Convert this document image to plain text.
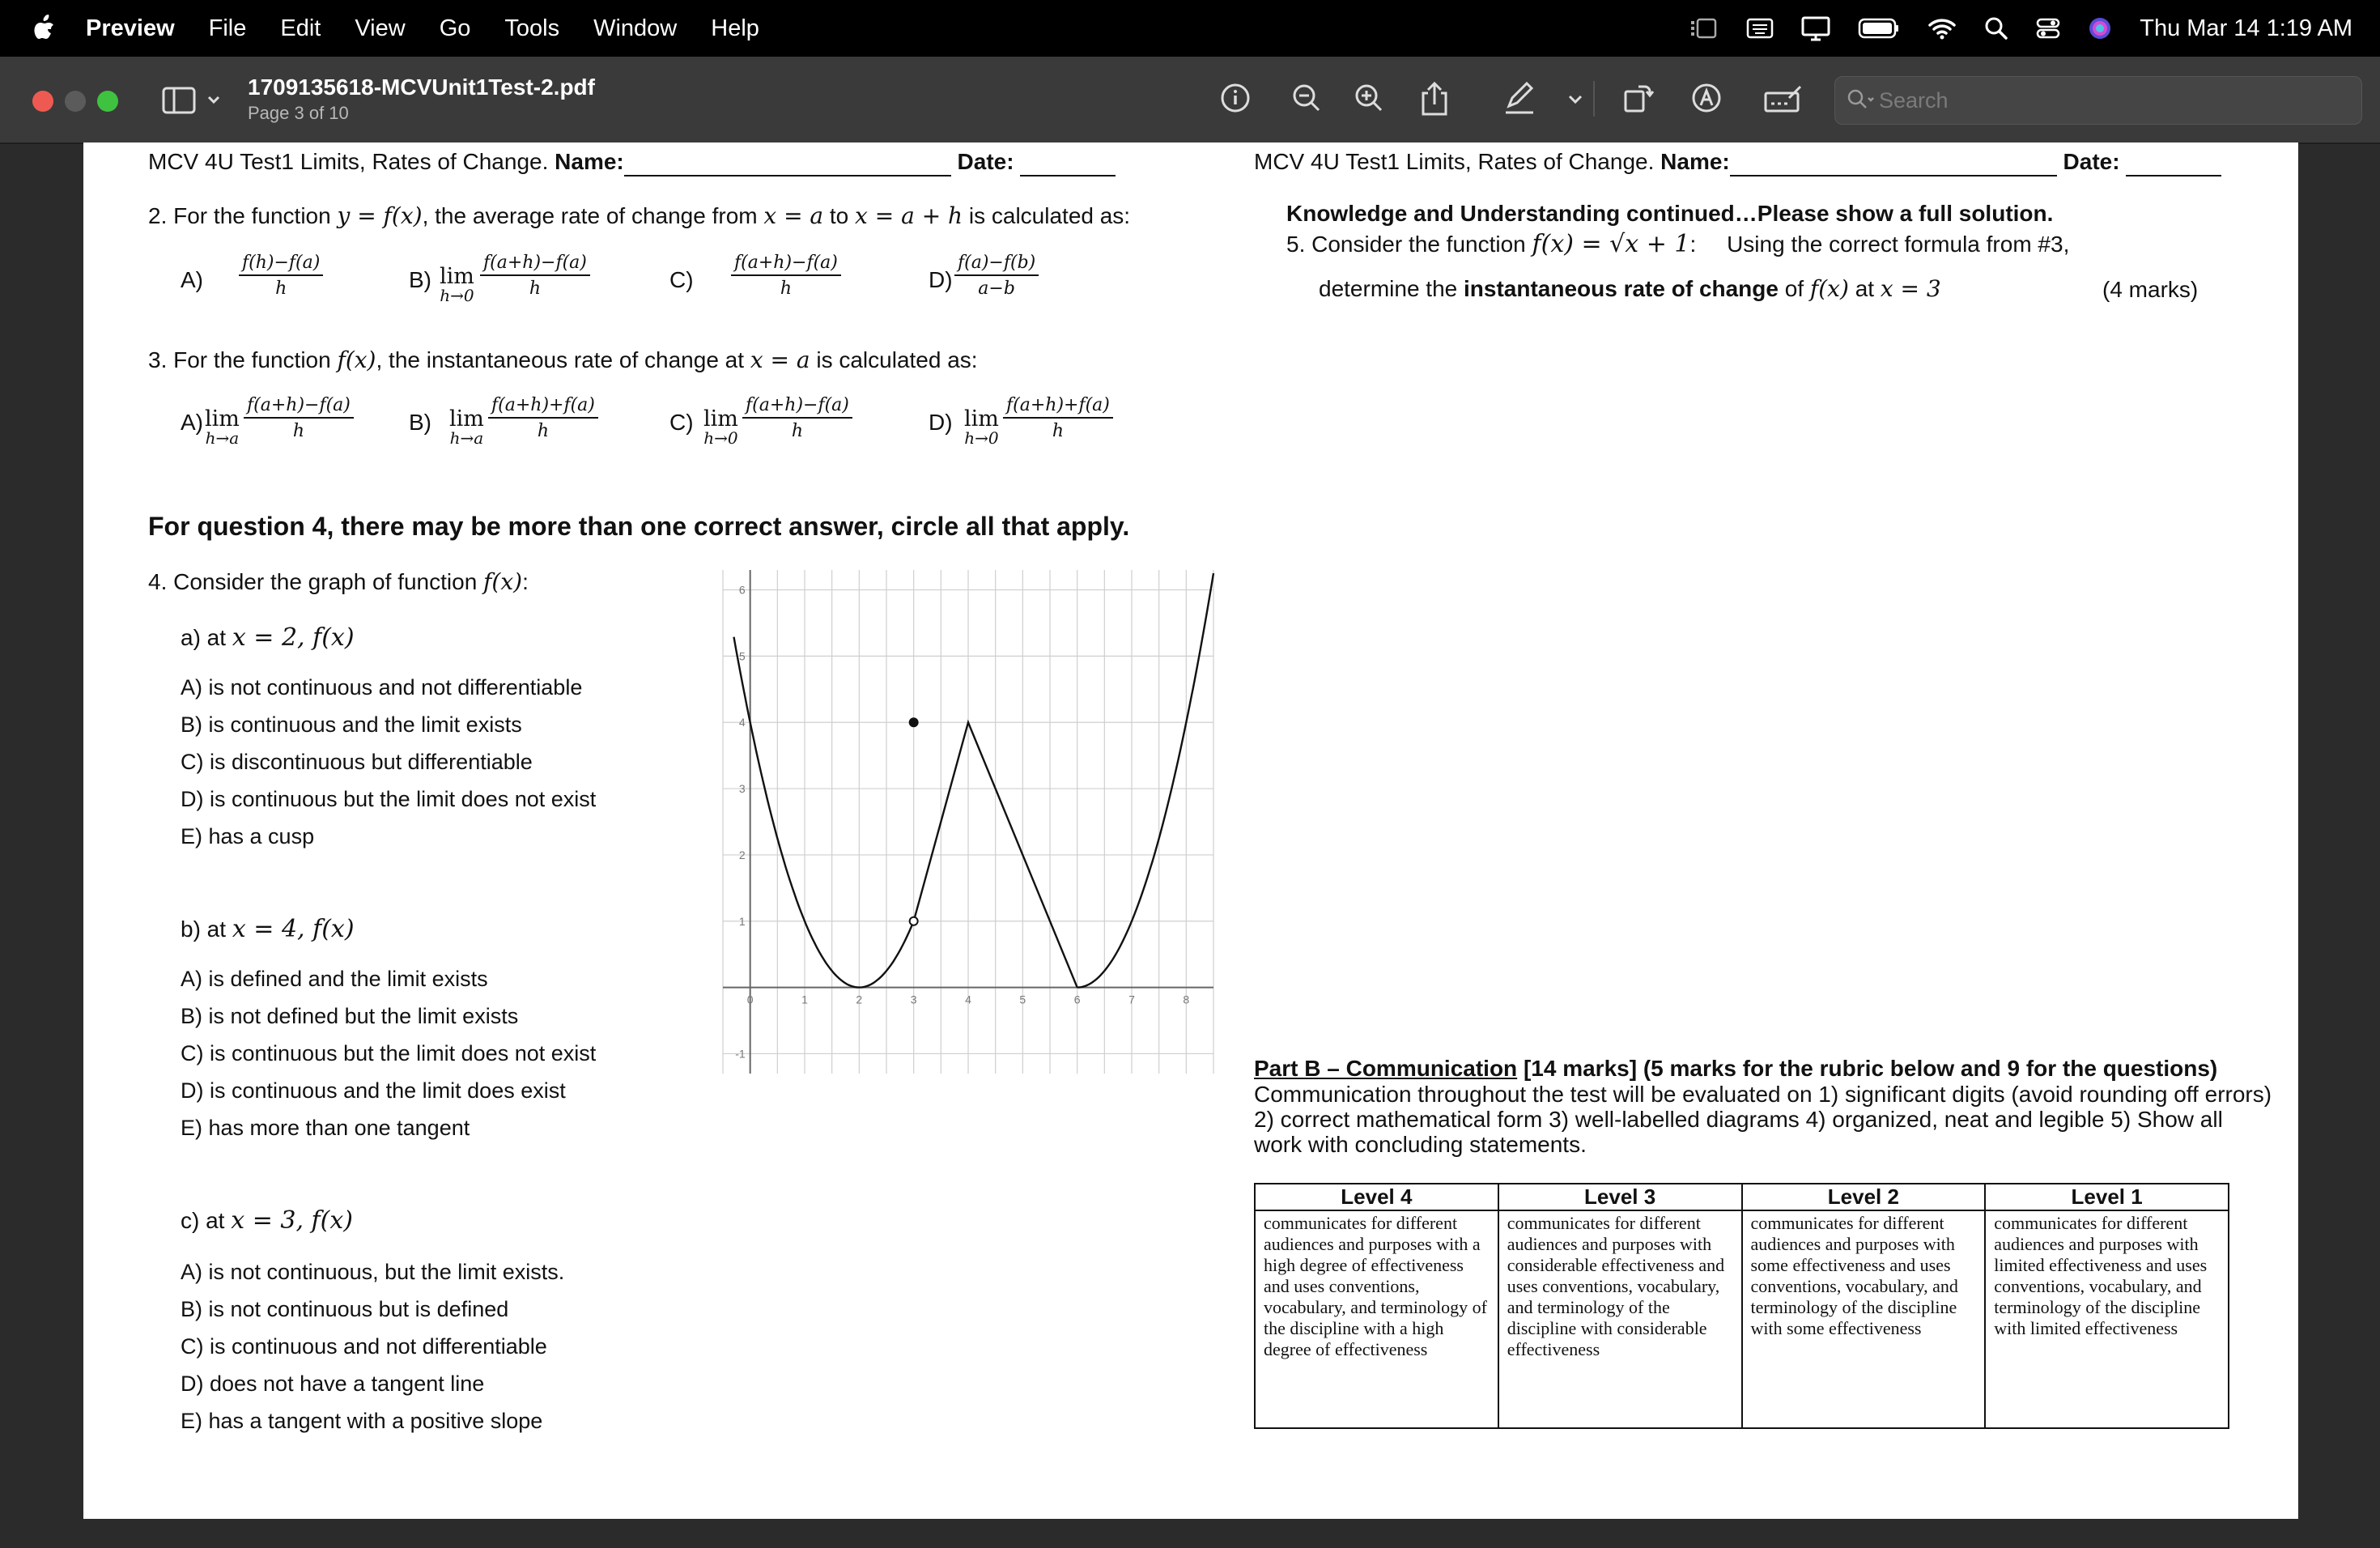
Preview File Edit View Go Tools Window Help	Thu Mar 14 1:19 AM
1709135618-MCVUnit1Test-2.pdf
Page 3 of 10
Search
MCV 4U Test1 Limits, Rates of Change. Name:	Date:
2. For the function y = f(x), the average rate of change from x = a to x = a + h is calculated as:
$A) \frac{f(h)-f(a)}{h}$	B) lim
$h\to 0 \frac{f(a+h)-f(a)}{h}$	$C) \frac{f(a+h)-f(a)}{h}$	$D) \frac{f(a)-f(b)}{a-b}$
3. For the function f(x), the instantaneous rate of change at x = a is calculated as:
A) lim
$h\to a \frac{f(a+h)-f(a)}{h} B$) lim
$h\to a \frac{f(a+h)+f(a)}{h}$	C) lim
$h\to 0 \frac{f(a+h)-f(a)}{h}$	D) lim
$h\to 0 \frac{f(a+h)+f(a)}{h}$
For question 4, there may be more than one correct answer, circle all that apply.
4. Consider the graph of function f(x):
a) at x = 2, f(x)
A) is not continuous and not differentiable
B) is continuous and the limit exists
C) is discontinuous but differentiable
D) is continuous but the limit does not exist
E) has a cusp
b) at x = 4, f(x)
A) is defined and the limit exists
B) is not defined but the limit exists
C) is continuous but the limit does not exist
D) is continuous and the limit does exist
E) has more than one tangent
c) at x = 3, f(x)
A) is not continuous, but the limit exists.
B) is not continuous but is defined
C) is continuous and not differentiable
D) does not have a tangent line
E) has a tangent with a positive slope
0	1	2	3	4	5	6	7	8
-1
1
2
3
4
5
6
MCV 4U Test1 Limits, Rates of Change. Name:	Date:
Knowledge and Understanding continued…Please show a full solution.
5. Consider the function f(x) = √x + 1: Using the correct formula from #3,
determine the instantaneous rate of change of f(x) at x = 3	(4 marks)
Part B – Communication [14 marks] (5 marks for the rubric below and 9 for the questions)
Communication throughout the test will be evaluated on 1) significant digits (avoid rounding off errors)
2) correct mathematical form 3) well-labelled diagrams 4) organized, neat and legible 5) Show all
work with concluding statements.
Level 4	Level 3	Level 2	Level 1
communicates for different audiences and purposes with a high degree of effectiveness and uses conventions, vocabulary, and terminology of the discipline with a high degree of effectiveness	communicates for different audiences and purposes with considerable effectiveness and uses conventions, vocabulary, and terminology of the discipline with considerable effectiveness	communicates for different audiences and purposes with some effectiveness and uses conventions, vocabulary, and terminology of the discipline with some effectiveness	communicates for different audiences and purposes with limited effectiveness and uses conventions, vocabulary, and terminology of the discipline with limited effectiveness
